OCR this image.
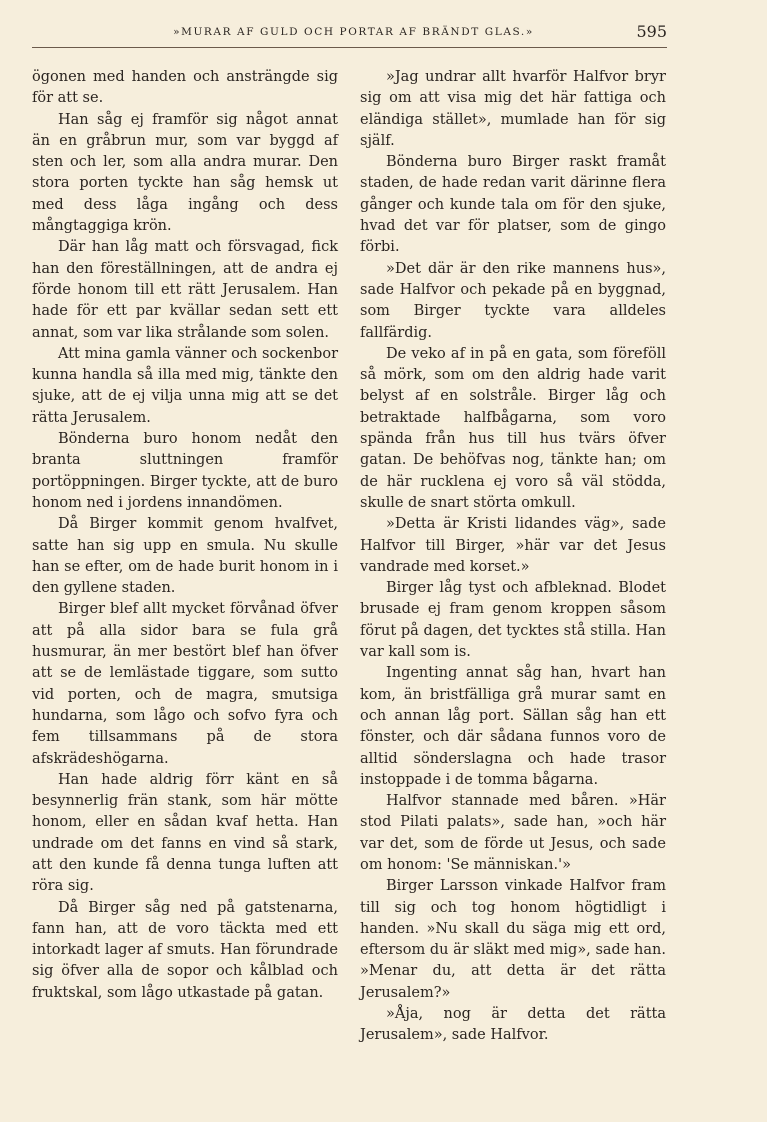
»MURAR AF GULD OCH PORTAR AF BRÄNDT GLAS.»	595

ögonen med handen och ansträngde sig för att se.

Han såg ej framför sig något annat än en gråbrun mur, som var byggd af sten och ler, som alla andra murar. Den stora porten tyckte han såg hemsk ut med dess låga ingång och dess mångtaggiga krön.

Där han låg matt och försvagad, fick han den föreställningen, att de andra ej förde honom till ett rätt Jerusalem. Han hade för ett par kvällar sedan sett ett annat, som var lika strålande som solen.

Att mina gamla vänner och sockenbor kunna handla så illa med mig, tänkte den sjuke, att de ej vilja unna mig att se det rätta Jerusalem.

Bönderna buro honom nedåt den branta sluttningen framför portöppningen. Birger tyckte, att de buro honom ned i jordens innandömen.

Då Birger kommit genom hvalfvet, satte han sig upp en smula. Nu skulle han se efter, om de hade burit honom in i den gyllene staden.

Birger blef allt mycket förvånad öfver att på alla sidor bara se fula grå husmurar, än mer bestört blef han öfver att se de lemlästade tiggare, som sutto vid porten, och de magra, smutsiga hundarna, som lågo och sofvo fyra och fem tillsammans på de stora afskrädeshögarna.

Han hade aldrig förr känt en så besynnerlig frän stank, som här mötte honom, eller en sådan kvaf hetta. Han undrade om det fanns en vind så stark, att den kunde få denna tunga luften att röra sig.

Då Birger såg ned på gatstenarna, fann han, att de voro täckta med ett intorkadt lager af smuts. Han förundrade sig öfver alla de sopor och kålblad och fruktskal, som lågo utkastade på gatan.

»Jag undrar allt hvarför Halfvor bryr sig om att visa mig det här fattiga och eländiga stället», mumlade han för sig själf.

Bönderna buro Birger raskt framåt staden, de hade redan varit därinne flera gånger och kunde tala om för den sjuke, hvad det var för platser, som de gingo förbi.

»Det där är den rike mannens hus», sade Halfvor och pekade på en byggnad, som Birger tyckte vara alldeles fallfärdig.

De veko af in på en gata, som föreföll så mörk, som om den aldrig hade varit belyst af en solstråle. Birger låg och betraktade halfbågarna, som voro spända från hus till hus tvärs öfver gatan. De behöfvas nog, tänkte han; om de här rucklena ej voro så väl stödda, skulle de snart störta omkull.

»Detta är Kristi lidandes väg», sade Halfvor till Birger, »här var det Jesus vandrade med korset.»

Birger låg tyst och afbleknad. Blodet brusade ej fram genom kroppen såsom förut på dagen, det tycktes stå stilla. Han var kall som is.

Ingenting annat såg han, hvart han kom, än bristfälliga grå murar samt en och annan låg port. Sällan såg han ett fönster, och där sådana funnos voro de alltid sönderslagna och hade trasor instoppade i de tomma bågarna.

Halfvor stannade med båren. »Här stod Pilati palats», sade han, »och här var det, som de förde ut Jesus, och sade om honom: 'Se människan.'»

Birger Larsson vinkade Halfvor fram till sig och tog honom högtidligt i handen. »Nu skall du säga mig ett ord, eftersom du är släkt med mig», sade han. »Menar du, att detta är det rätta Jerusalem?»

»Åja, nog är detta det rätta Jerusalem», sade Halfvor.
